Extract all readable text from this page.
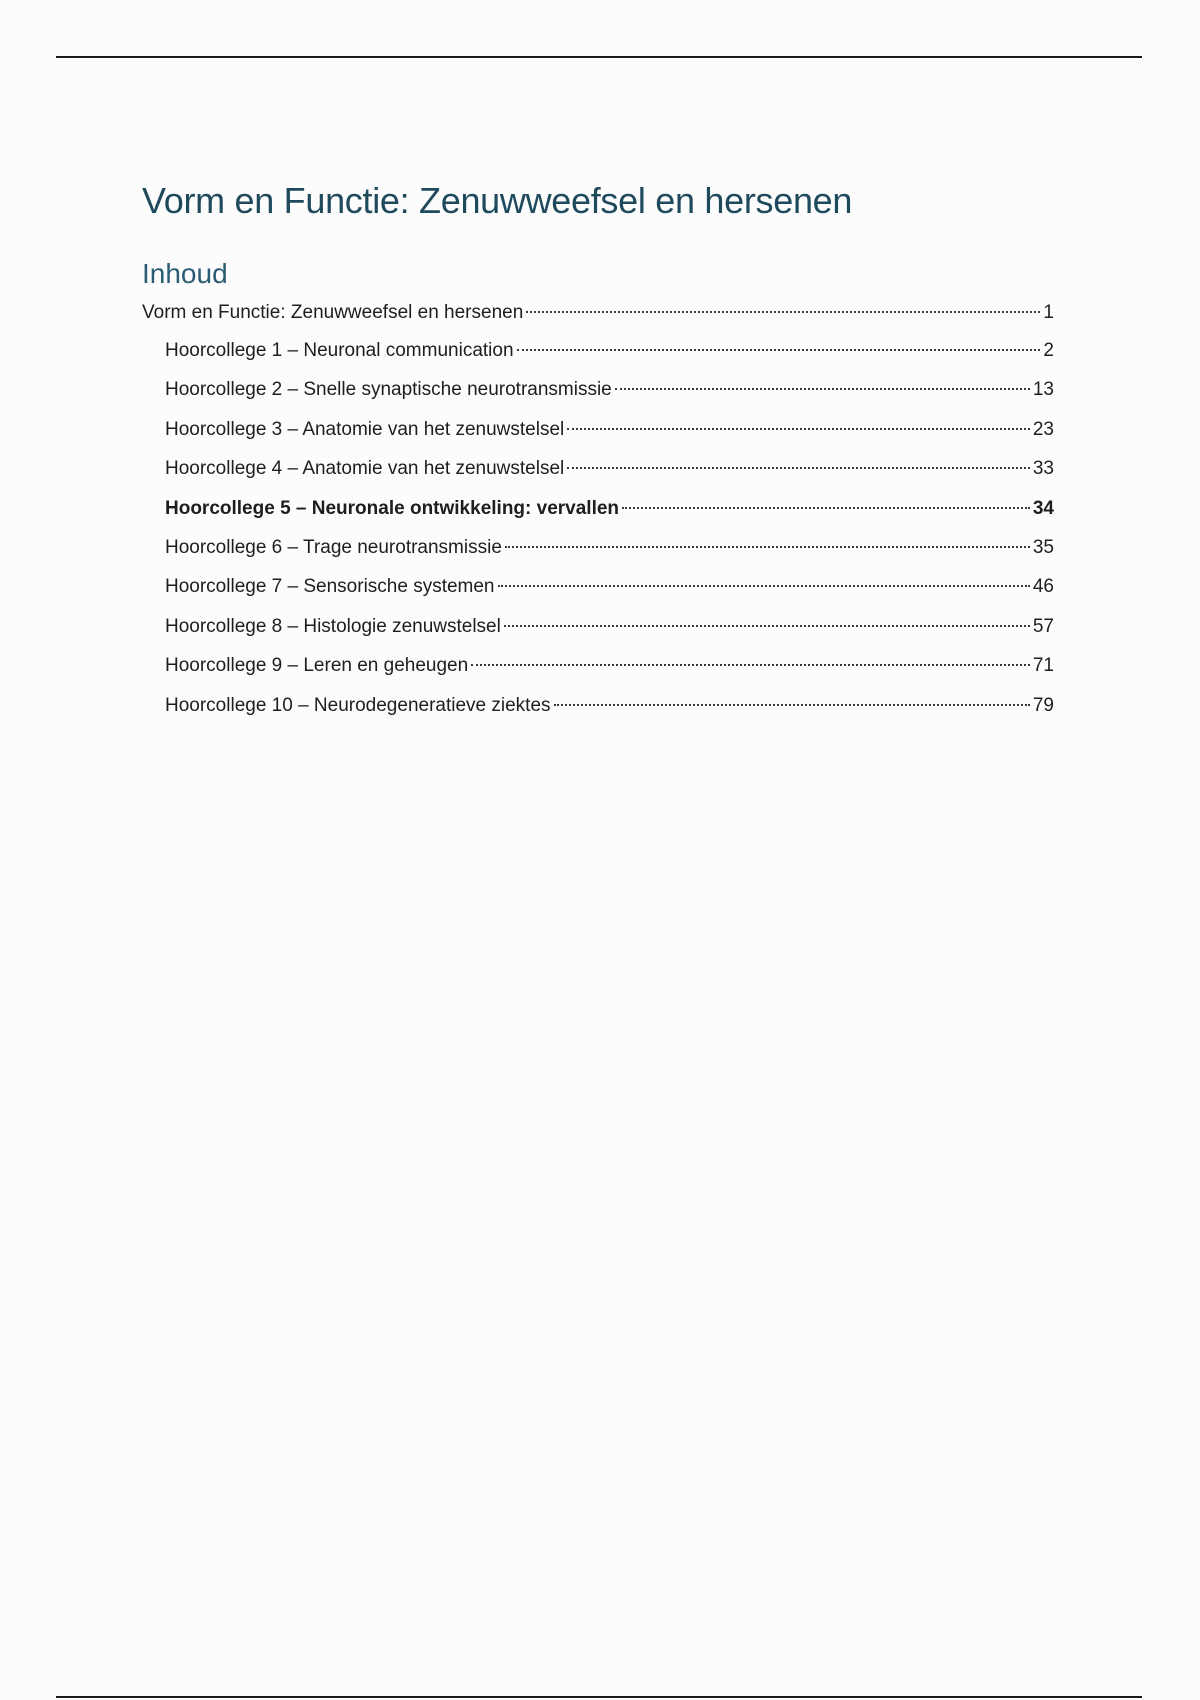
Vorm en Functie: Zenuwweefsel en hersenen
Inhoud
Vorm en Functie: Zenuwweefsel en hersenen	1
Hoorcollege 1 – Neuronal communication	2
Hoorcollege 2 – Snelle synaptische neurotransmissie	13
Hoorcollege 3 – Anatomie van het zenuwstelsel	23
Hoorcollege 4 – Anatomie van het zenuwstelsel	33
Hoorcollege 5 – Neuronale ontwikkeling: vervallen	34
Hoorcollege 6 – Trage neurotransmissie	35
Hoorcollege 7 – Sensorische systemen	46
Hoorcollege 8 – Histologie zenuwstelsel	57
Hoorcollege 9 – Leren en geheugen	71
Hoorcollege 10 – Neurodegeneratieve ziektes	79
